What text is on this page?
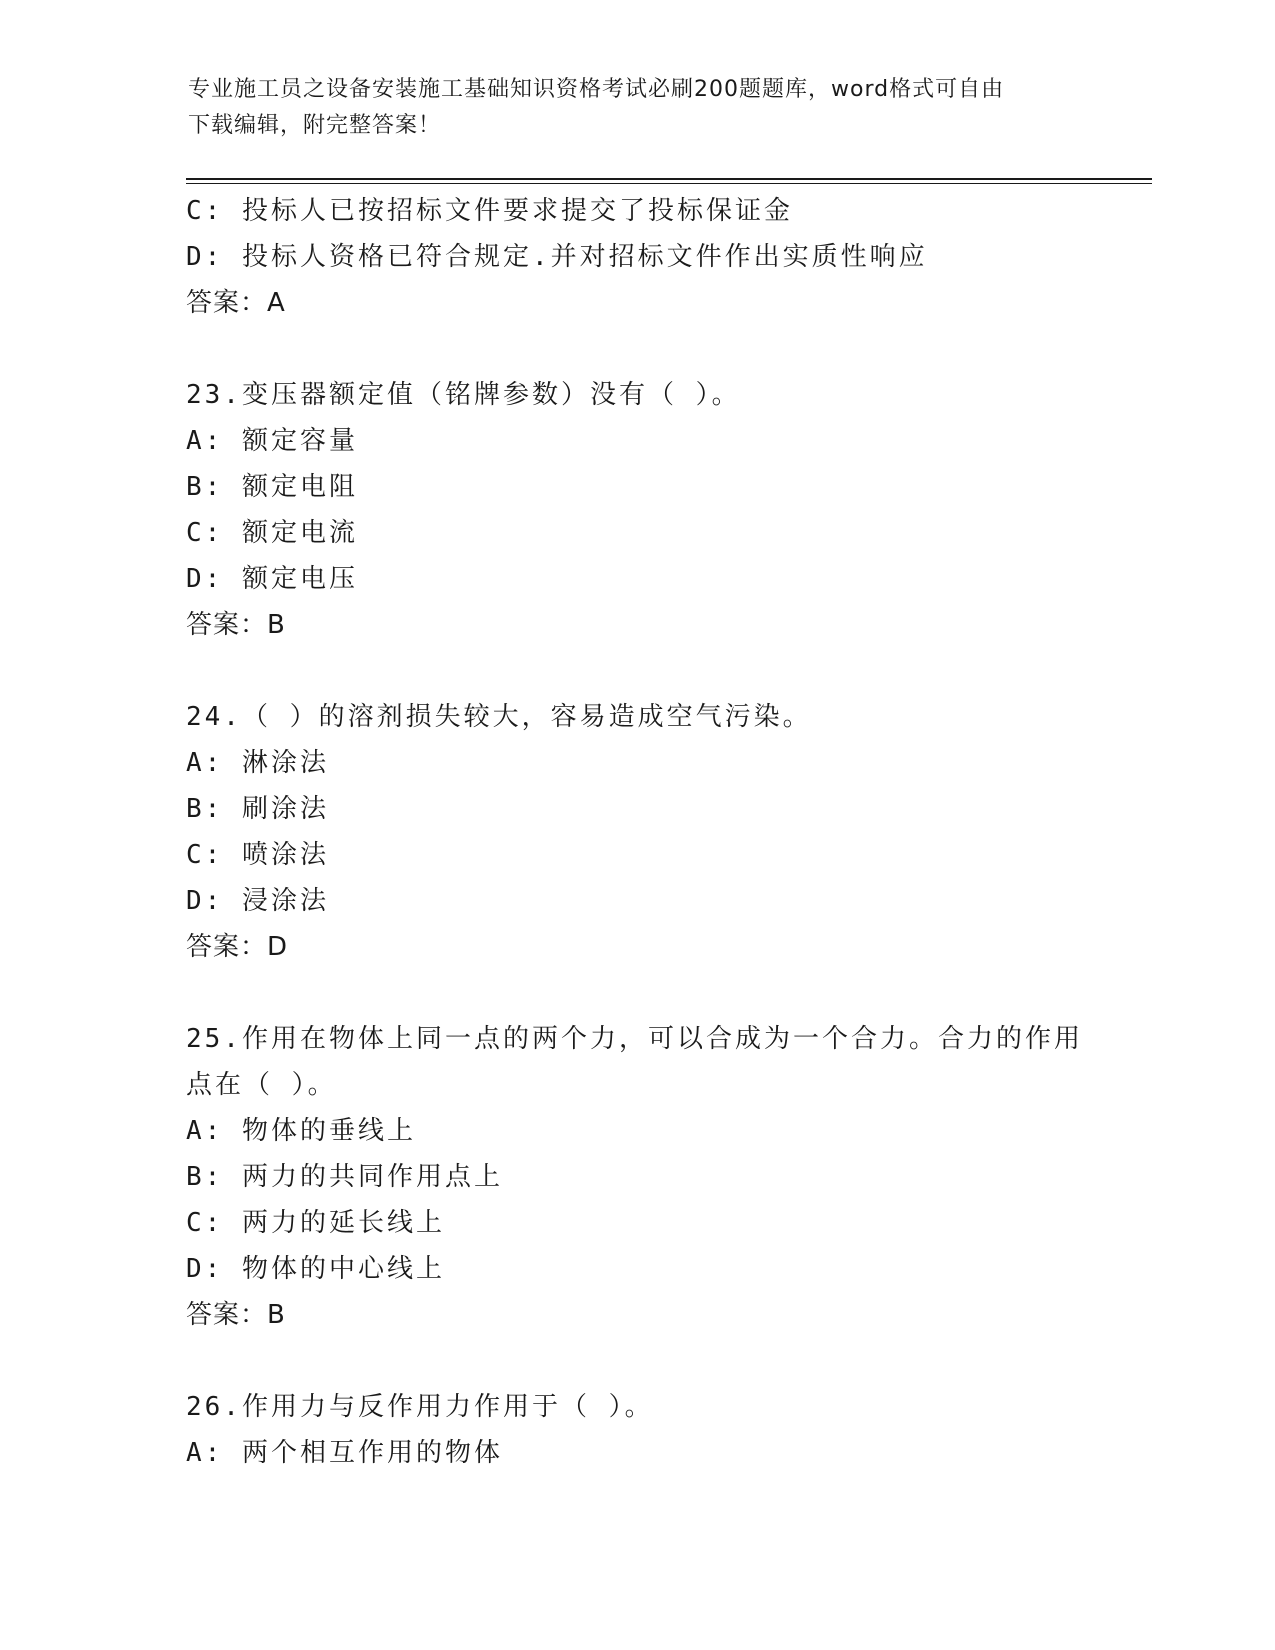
专业施工员之设备安装施工基础知识资格考试必刷200题题库，word格式可自由
下载编辑，附完整答案！
C: 投标人已按招标文件要求提交了投标保证金
D: 投标人资格已符合规定.并对招标文件作出实质性响应
答案：A
23.变压器额定值（铭牌参数）没有（ ）。
A: 额定容量
B: 额定电阻
C: 额定电流
D: 额定电压
答案：B
24.（ ）的溶剂损失较大，容易造成空气污染。
A: 淋涂法
B: 刷涂法
C: 喷涂法
D: 浸涂法
答案：D
25.作用在物体上同一点的两个力，可以合成为一个合力。合力的作用
点在（ ）。
A: 物体的垂线上
B: 两力的共同作用点上
C: 两力的延长线上
D: 物体的中心线上
答案：B
26.作用力与反作用力作用于（ ）。
A: 两个相互作用的物体
